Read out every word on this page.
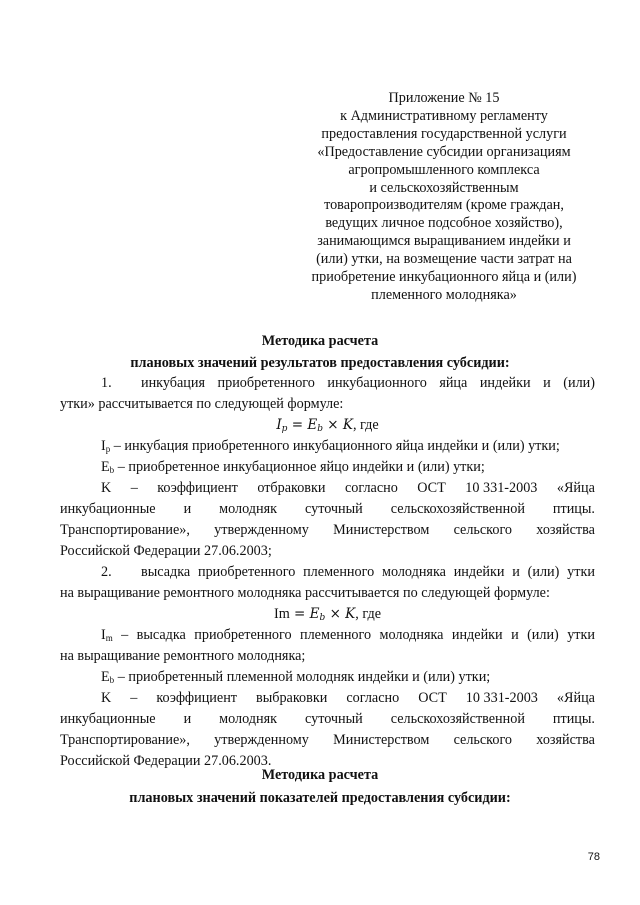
Приложение № 15
к Административному регламенту
предоставления государственной услуги
«Предоставление субсидии организациям
агропромышленного комплекса
и сельскохозяйственным
товаропроизводителям (кроме граждан,
ведущих личное подсобное хозяйство),
занимающимся выращиванием индейки и
(или) утки, на возмещение части затрат на
приобретение инкубационного яйца и (или)
племенного молодняка»
Методика расчета
плановых значений результатов предоставления субсидии:
1. инкубация приобретенного инкубационного яйца индейки и (или)
утки» рассчитывается по следующей формуле:
$I_p = E_b \times K$, где
$I_p$ – инкубация приобретенного инкубационного яйца индейки и (или) утки;
$E_b$ – приобретенное инкубационное яйцо индейки и (или) утки;
K – коэффициент отбраковки согласно ОСТ 10 331-2003 «Яйца
инкубационные и молодняк суточный сельскохозяйственной птицы.
Транспортирование», утвержденному Министерством сельского хозяйства
Российской Федерации 27.06.2003;
2. высадка приобретенного племенного молодняка индейки и (или) утки
на выращивание ремонтного молодняка рассчитывается по следующей формуле:
$Im = E_b \times K$, где
$I_m$ – высадка приобретенного племенного молодняка индейки и (или) утки
на выращивание ремонтного молодняка;
$E_b$ – приобретенный племенной молодняк индейки и (или) утки;
K – коэффициент выбраковки согласно ОСТ 10 331-2003 «Яйца
инкубационные и молодняк суточный сельскохозяйственной птицы.
Транспортирование», утвержденному Министерством сельского хозяйства
Российской Федерации 27.06.2003.
Методика расчета
плановых значений показателей предоставления субсидии:
78
